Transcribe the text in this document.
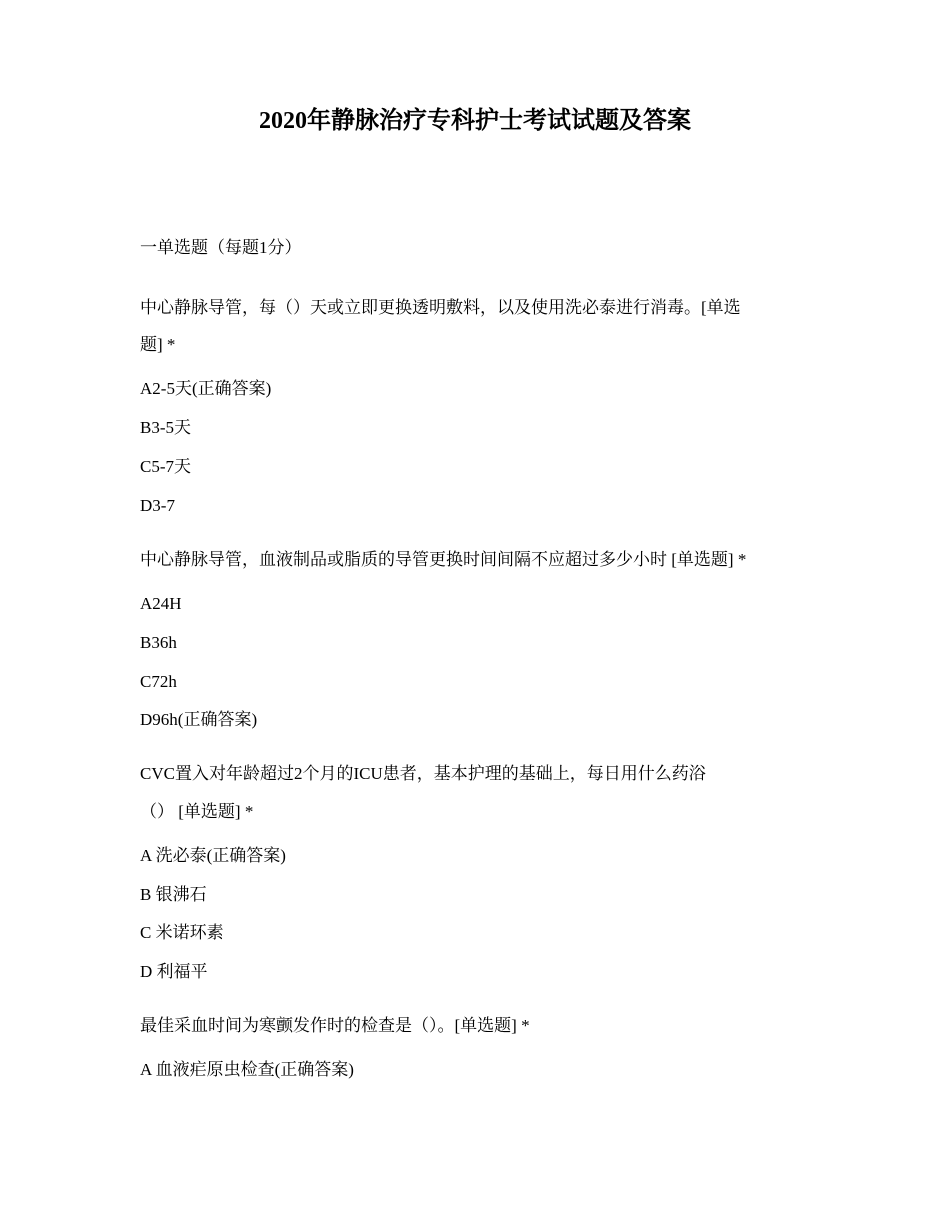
2020年静脉治疗专科护士考试试题及答案
一单选题（每题1分）
中心静脉导管，每（）天或立即更换透明敷料，以及使用洗必泰进行消毒。[单选
题] *
A2-5天(正确答案)
B3-5天
C5-7天
D3-7
中心静脉导管，血液制品或脂质的导管更换时间间隔不应超过多少小时 [单选题] *
A24H
B36h
C72h
D96h(正确答案)
CVC置入对年龄超过2个月的ICU患者，基本护理的基础上，每日用什么药浴
（） [单选题] *
A 洗必泰(正确答案)
B 银沸石
C 米诺环素
D 利福平
最佳采血时间为寒颤发作时的检查是（）。[单选题] *
A 血液疟原虫检查(正确答案)
